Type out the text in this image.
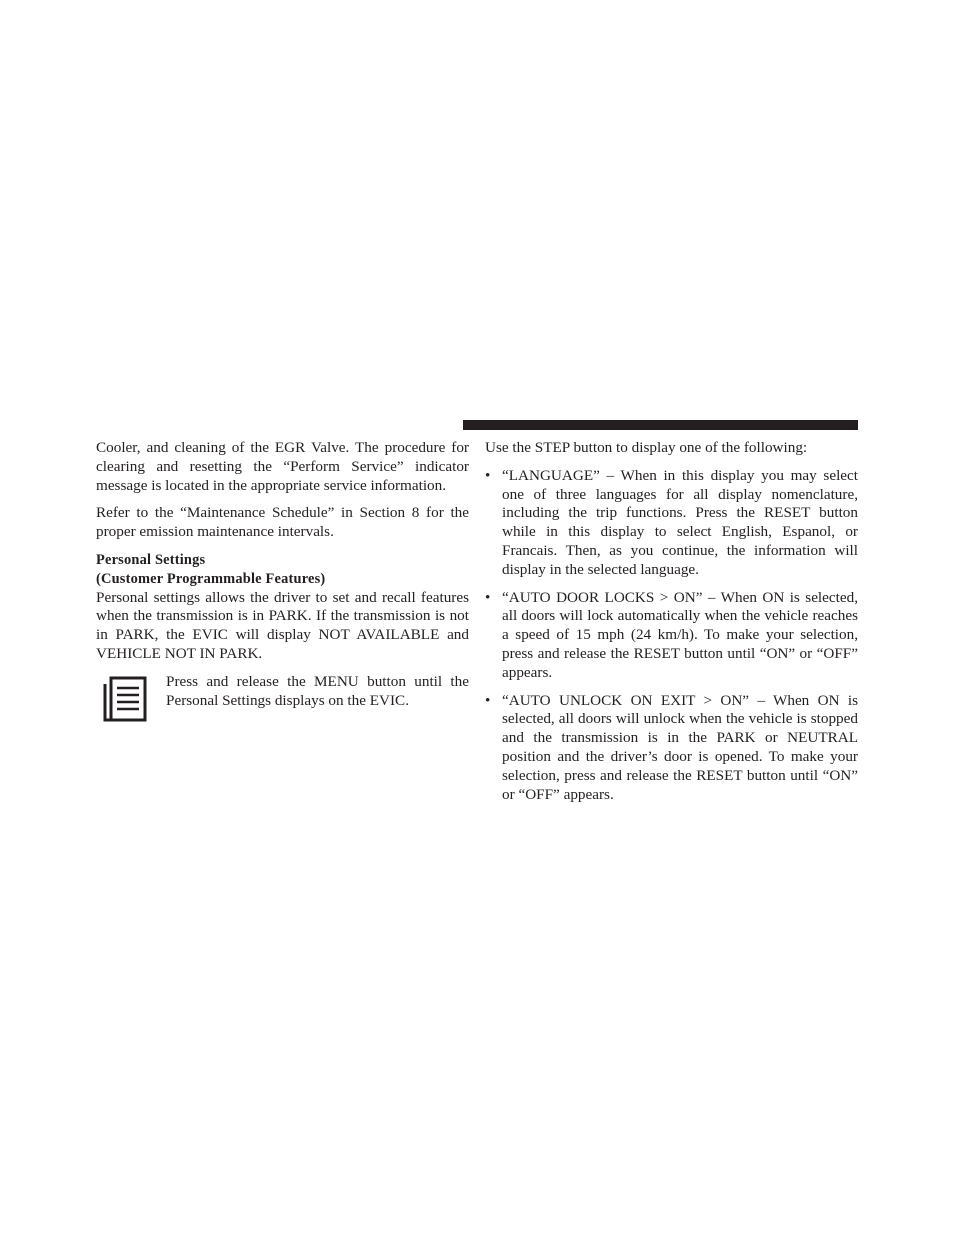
Cooler, and cleaning of the EGR Valve. The procedure for clearing and resetting the “Perform Service” indicator message is located in the appropriate service information.

Refer to the “Maintenance Schedule” in Section 8 for the proper emission maintenance intervals.

Personal Settings
(Customer Programmable Features)

Personal settings allows the driver to set and recall features when the transmission is in PARK. If the transmission is not in PARK, the EVIC will display NOT AVAILABLE and VEHICLE NOT IN PARK.

Press and release the MENU button until the Personal Settings displays on the EVIC.

Use the STEP button to display one of the following:

• “LANGUAGE” – When in this display you may select one of three languages for all display nomenclature, including the trip functions. Press the RESET button while in this display to select English, Espanol, or Francais. Then, as you continue, the information will display in the selected language.
• “AUTO DOOR LOCKS > ON” – When ON is selected, all doors will lock automatically when the vehicle reaches a speed of 15 mph (24 km/h). To make your selection, press and release the RESET button until “ON” or “OFF” appears.
• “AUTO UNLOCK ON EXIT > ON” – When ON is selected, all doors will unlock when the vehicle is stopped and the transmission is in the PARK or NEUTRAL position and the driver’s door is opened. To make your selection, press and release the RESET button until “ON” or “OFF” appears.
